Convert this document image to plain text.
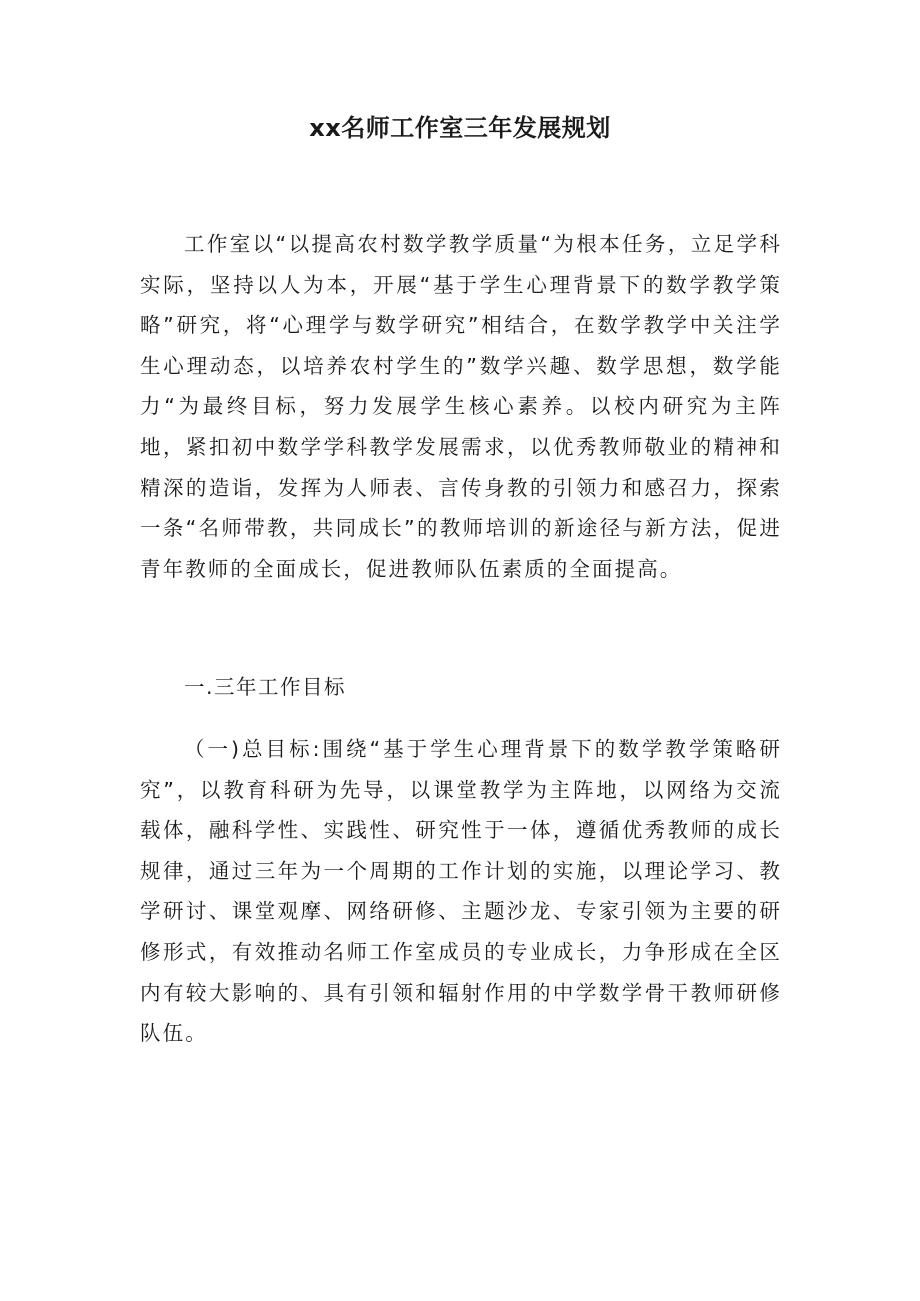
xx名师工作室三年发展规划

工作室以“以提高农村数学教学质量“为根本任务，立足学科实际，坚持以人为本，开展“基于学生心理背景下的数学教学策略”研究，将“心理学与数学研究”相结合，在数学教学中关注学生心理动态，以培养农村学生的”数学兴趣、数学思想，数学能力“为最终目标，努力发展学生核心素养。以校内研究为主阵地，紧扣初中数学学科教学发展需求，以优秀教师敬业的精神和精深的造诣，发挥为人师表、言传身教的引领力和感召力，探索一条“名师带教，共同成长”的教师培训的新途径与新方法，促进青年教师的全面成长，促进教师队伍素质的全面提高。

一.三年工作目标

（一)总目标:围绕“基于学生心理背景下的数学教学策略研究”，以教育科研为先导，以课堂教学为主阵地，以网络为交流载体，融科学性、实践性、研究性于一体，遵循优秀教师的成长规律，通过三年为一个周期的工作计划的实施，以理论学习、教学研讨、课堂观摩、网络研修、主题沙龙、专家引领为主要的研修形式，有效推动名师工作室成员的专业成长，力争形成在全区内有较大影响的、具有引领和辐射作用的中学数学骨干教师研修队伍。
